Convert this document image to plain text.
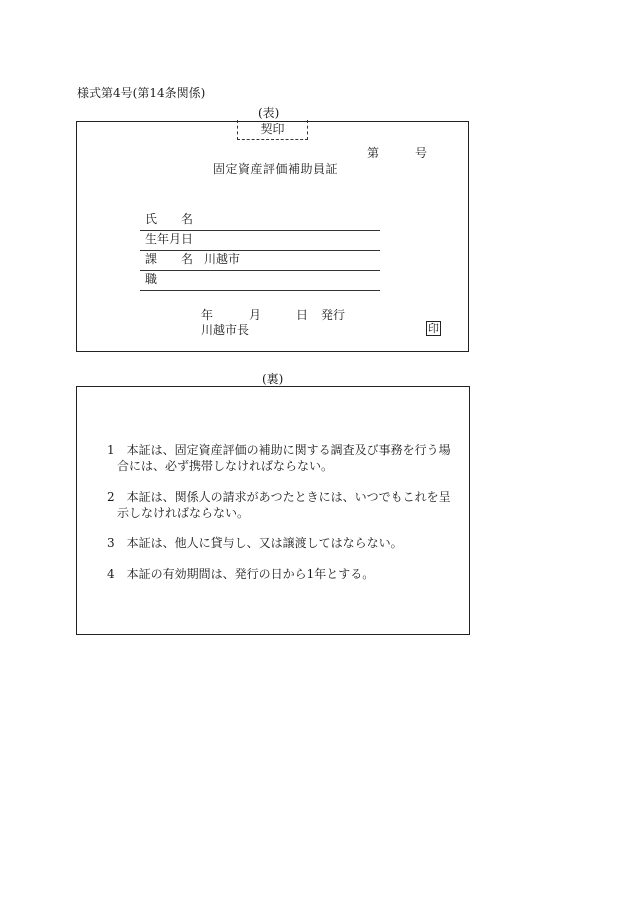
様式第4号(第14条関係)
(表)
契印
第	号
固定資産評価補助員証
氏　　名
生年月日
課　　名 川越市
職
年	月	日 発行
川越市長	印
(裏)
1　本証は、固定資産評価の補助に関する調査及び事務を行う場
合には、必ず携帯しなければならない。
2　本証は、関係人の請求があつたときには、いつでもこれを呈
示しなければならない。
3　本証は、他人に貸与し、又は譲渡してはならない。
4　本証の有効期間は、発行の日から1年とする。
